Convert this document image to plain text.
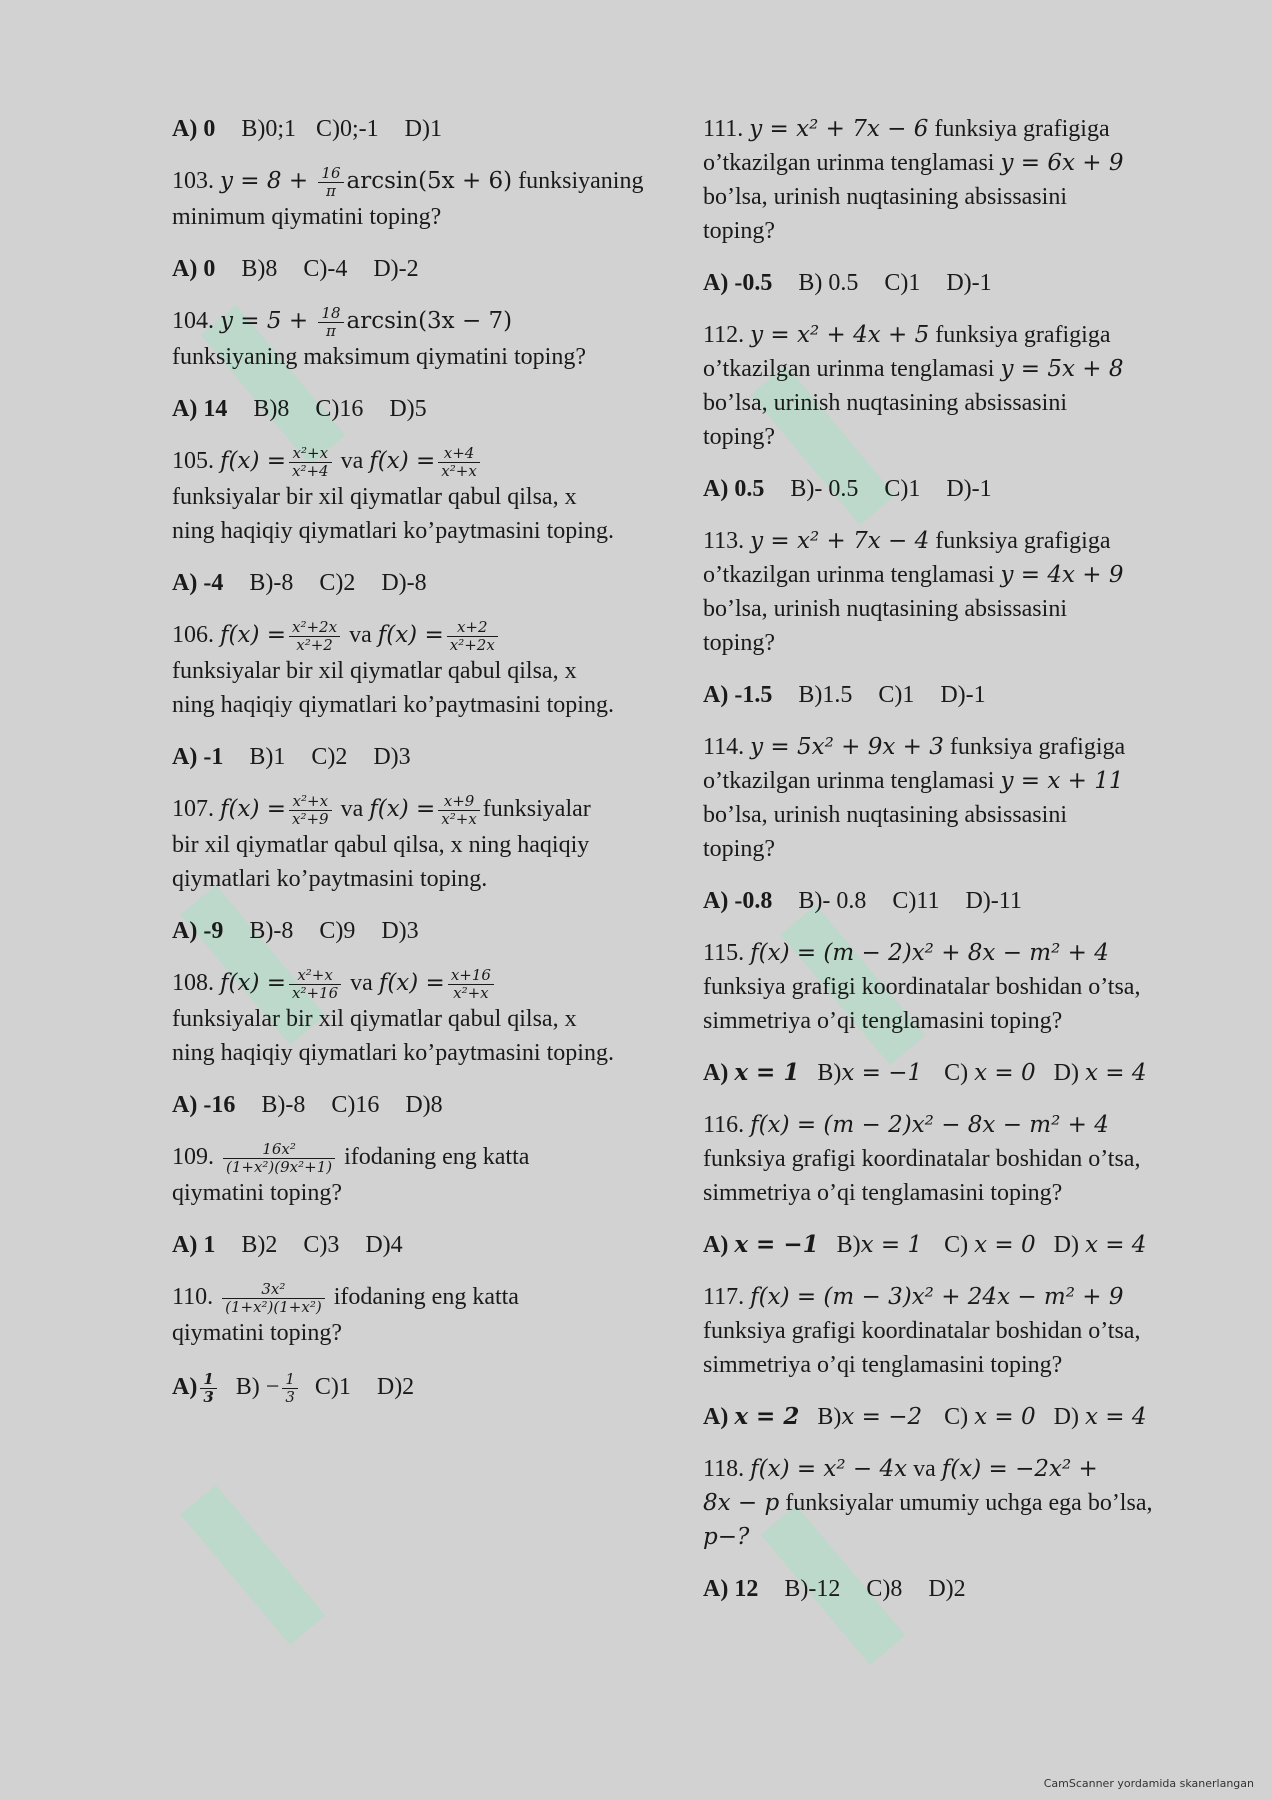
A) 0 B)0;1 C)0;-1 D)1
103. $y = 8 + \frac{16}{\pi} \arcsin(5x + 6)$ funksiyaning
minimum qiymatini toping?
A) 0 B)8 C)-4 D)-2
104. $y = 5 + \frac{18}{\pi} \arcsin(3x - 7)$
funksiyaning maksimum qiymatini toping?
A) 14 B)8 C)16 D)5
105. $f(x) = \frac{\text{x²+x}}{\text{x²+4}}$ va $f(x) = \frac{x+4}{\text{x²+x}}$

funksiyalar bir xil qiymatlar qabul qilsa, x
ning haqiqiy qiymatlari ko’paytmasini toping.
A) -4 B)-8 C)2 D)-8
106. $f(x) = \frac{\text{x²+2x}}{\text{x²+2}}$ va $f(x) = \frac{x+2}{\text{x²+2x}}$

funksiyalar bir xil qiymatlar qabul qilsa, x
ning haqiqiy qiymatlari ko’paytmasini toping.
A) -1 B)1 C)2 D)3
107. $f(x) = \frac{\text{x²+x}}{\text{x²+9}}$ va $f(x) = \frac{x+9}{\text{x²+x}}$ funksiyalar
bir xil qiymatlar qabul qilsa, x ning haqiqiy
qiymatlari ko’paytmasini toping.
A) -9 B)-8 C)9 D)3
108. $f(x) = \frac{\text{x²+x}}{\text{x²+16}}$ va $f(x) = \frac{x+16}{\text{x²+x}}$

funksiyalar bir xil qiymatlar qabul qilsa, x
ning haqiqiy qiymatlari ko’paytmasini toping.
A) -16 B)-8 C)16 D)8
109. $\frac{\text{16x²}}{\text{(1+x²)(9x²+1)}}$ ifodaning eng katta
qiymatini toping?
A) 1 B)2 C)3 D)4
110. $\frac{\text{3x²}}{\text{(1+x²)(1+x²)}}$ ifodaning eng katta
qiymatini toping?
$A) \frac{1}{3} B) - \frac{1}{3} C)1$ D)2
111. y = x² + 7x − 6 funksiya grafigiga
o’tkazilgan urinma tenglamasi y = 6x + 9
bo’lsa, urinish nuqtasining absissasini
toping?
A) -0.5 B) 0.5 C)1 D)-1
112. y = x² + 4x + 5 funksiya grafigiga
o’tkazilgan urinma tenglamasi y = 5x + 8
bo’lsa, urinish nuqtasining absissasini
toping?
A) 0.5 B)- 0.5 C)1 D)-1
113. y = x² + 7x − 4 funksiya grafigiga
o’tkazilgan urinma tenglamasi y = 4x + 9
bo’lsa, urinish nuqtasining absissasini
toping?
A) -1.5 B)1.5 C)1 D)-1
114. y = 5x² + 9x + 3 funksiya grafigiga
o’tkazilgan urinma tenglamasi y = x + 11
bo’lsa, urinish nuqtasining absissasini
toping?
A) -0.8 B)- 0.8 C)11 D)-11
115. f(x) = (m − 2)x² + 8x − m² + 4
funksiya grafigi koordinatalar boshidan o’tsa,
simmetriya o’qi tenglamasini toping?
A) x = 1 B)x = −1 C) x = 0 D) x = 4
116. f(x) = (m − 2)x² − 8x − m² + 4
funksiya grafigi koordinatalar boshidan o’tsa,
simmetriya o’qi tenglamasini toping?
A) x = −1 B)x = 1 C) x = 0 D) x = 4
117. f(x) = (m − 3)x² + 24x − m² + 9
funksiya grafigi koordinatalar boshidan o’tsa,
simmetriya o’qi tenglamasini toping?
A) x = 2 B)x = −2 C) x = 0 D) x = 4
118. f(x) = x² − 4x va f(x) = −2x² +
8x − p funksiyalar umumiy uchga ega bo’lsa,
p−?
A) 12 B)-12 C)8 D)2
CamScanner yordamida skanerlangan
